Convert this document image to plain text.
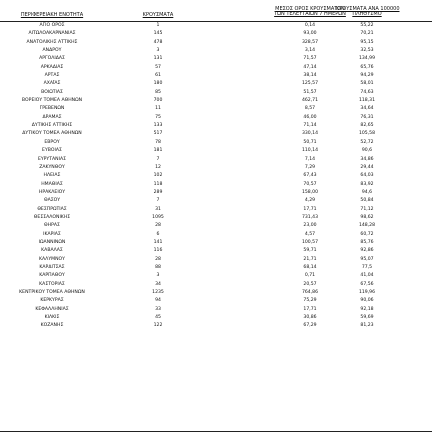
ΠΕΡΙΦΕΡΕΙΑΚΗ ΕΝΟΤΗΤΑ	ΚΡΟΥΣΜΑΤΑ
ΜΕΣΟΣ ΟΡΟΣ ΚΡΟΥΣΜΑΤΩΝ
ΤΩΝ ΤΕΛΕΥΤΑΙΩΝ 7 ΗΜΕΡΩΝ
ΚΡΟΥΣΜΑΤΑ ΑΝΑ 100000
ΠΛΗΘΥΣΜΟ
ΑΓΙΟ ΟΡΟΣ	1	0,14	55,22
ΑΙΤΩΛΟΑΚΑΡΝΑΝΙΑΣ	145	93,00	70,21
ΑΝΑΤΟΛΙΚΗΣ ΑΤΤΙΚΗΣ	478	328,57	95,15
ΑΝΔΡΟΥ	3	3,14	32,53
ΑΡΓΟΛΙΔΑΣ	131	71,57	134,99
ΑΡΚΑΔΙΑΣ	57	47,14	65,76
ΑΡΤΑΣ	61	38,14	94,29
ΑΧΑΪΑΣ	180	125,57	58,01
ΒΟΙΩΤΙΑΣ	85	51,57	74,63
ΒΟΡΕΙΟΥ ΤΟΜΕΑ ΑΘΗΝΩΝ	700	462,71	118,31
ΓΡΕΒΕΝΩΝ	11	8,57	34,64
ΔΡΑΜΑΣ	75	46,00	76,31
ΔΥΤΙΚΗΣ ΑΤΤΙΚΗΣ	133	71,14	82,65
ΔΥΤΙΚΟΥ ΤΟΜΕΑ ΑΘΗΝΩΝ	517	330,14	105,58
ΕΒΡΟΥ	78	50,71	52,72
ΕΥΒΟΙΑΣ	181	110,14	90,6
ΕΥΡΥΤΑΝΙΑΣ	7	7,14	34,86
ΖΑΚΥΝΘΟΥ	12	7,29	29,44
ΗΛΕΙΑΣ	102	67,43	64,03
ΗΜΑΘΙΑΣ	118	70,57	83,92
ΗΡΑΚΛΕΙΟΥ	289	158,00	94,6
ΘΑΣΟΥ	7	4,29	50,84
ΘΕΣΠΡΩΤΙΑΣ	31	17,71	71,12
ΘΕΣΣΑΛΟΝΙΚΗΣ	1095	731,43	98,62
ΘΗΡΑΣ	28	23,00	148,28
ΙΚΑΡΙΑΣ	6	4,57	60,72
ΙΩΑΝΝΙΝΩΝ	141	100,57	85,76
ΚΑΒΑΛΑΣ	116	59,71	92,86
ΚΑΛΥΜΝΟΥ	28	21,71	95,07
ΚΑΡΔΙΤΣΑΣ	88	68,14	77,5
ΚΑΡΠΑΘΟΥ	3	0,71	41,04
ΚΑΣΤΟΡΙΑΣ	34	20,57	67,56
ΚΕΝΤΡΙΚΟΥ ΤΟΜΕΑ ΑΘΗΝΩΝ	1235	764,86	119,96
ΚΕΡΚΥΡΑΣ	94	75,29	90,06
ΚΕΦΑΛΛΗΝΙΑΣ	33	17,71	92,18
ΚΙΛΚΙΣ	45	30,86	59,69
ΚΟΖΑΝΗΣ	122	67,29	81,23
